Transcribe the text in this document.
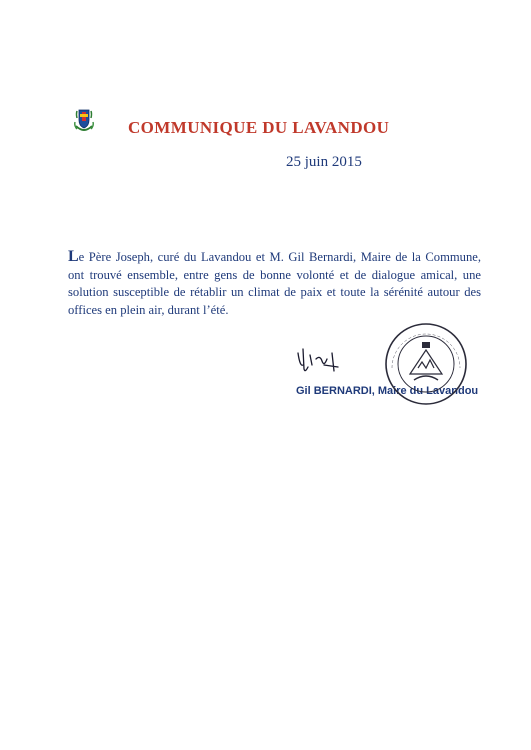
COMMUNIQUE DU LAVANDOU
25 juin 2015
Le Père Joseph, curé du Lavandou et M. Gil Bernardi, Maire de la Commune, ont trouvé ensemble, entre gens de bonne volonté et de dialogue amical, une solution susceptible de rétablir un climat de paix et toute la sérénité autour des offices en plein air, durant l’été.
Gil BERNARDI, Maire du Lavandou
